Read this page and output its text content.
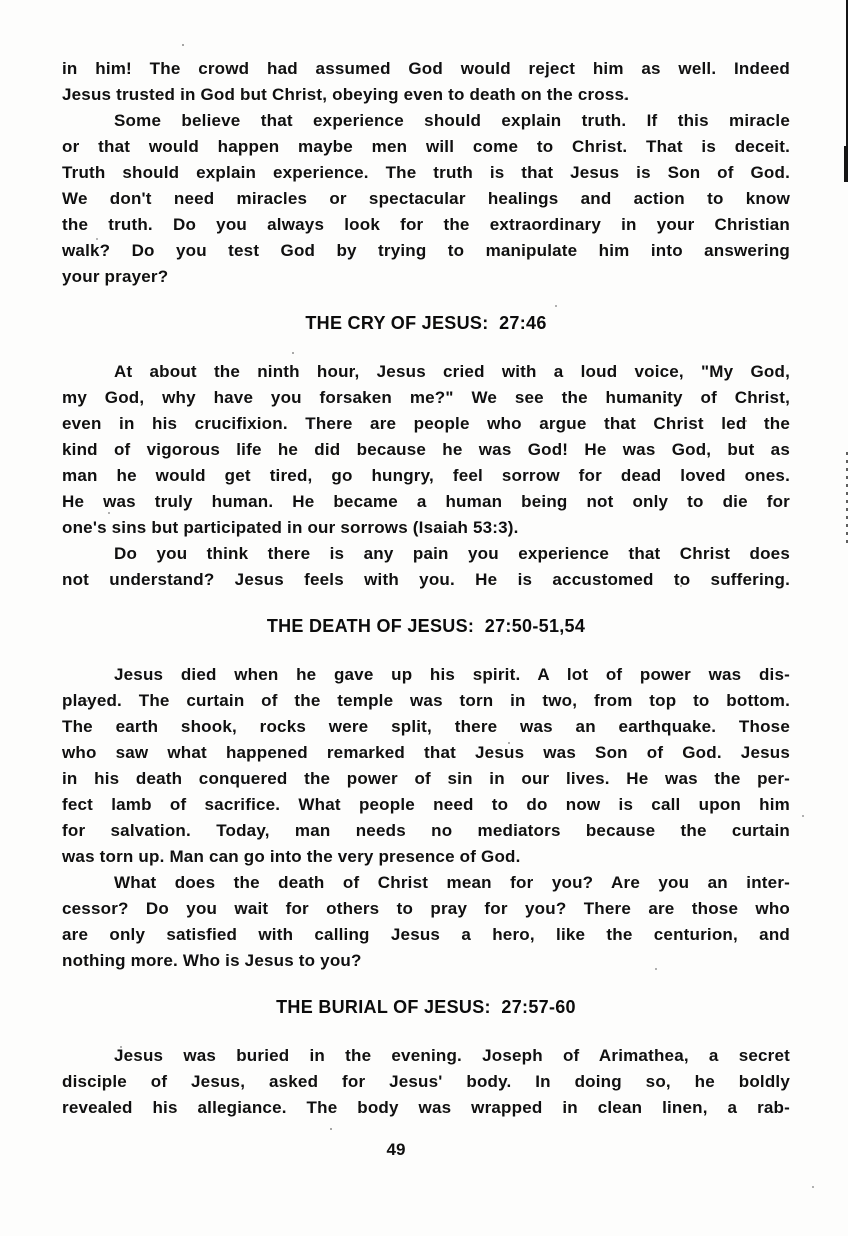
in him! The crowd had assumed God would reject him as well. Indeed
Jesus trusted in God but Christ, obeying even to death on the cross.
Some believe that experience should explain truth. If this miracle
or that would happen maybe men will come to Christ. That is deceit.
Truth should explain experience. The truth is that Jesus is Son of God.
We don't need miracles or spectacular healings and action to know
the truth. Do you always look for the extraordinary in your Christian
walk? Do you test God by trying to manipulate him into answering
your prayer?
THE CRY OF JESUS:  27:46
At about the ninth hour, Jesus cried with a loud voice, "My God,
my God, why have you forsaken me?" We see the humanity of Christ,
even in his crucifixion. There are people who argue that Christ led the
kind of vigorous life he did because he was God! He was God, but as
man he would get tired, go hungry, feel sorrow for dead loved ones.
He was truly human. He became a human being not only to die for
one's sins but participated in our sorrows (Isaiah 53:3).
Do you think there is any pain you experience that Christ does
not understand? Jesus feels with you. He is accustomed to suffering.
THE DEATH OF JESUS:  27:50-51,54
Jesus died when he gave up his spirit. A lot of power was dis-
played. The curtain of the temple was torn in two, from top to bottom.
The earth shook, rocks were split, there was an earthquake. Those
who saw what happened remarked that Jesus was Son of God. Jesus
in his death conquered the power of sin in our lives. He was the per-
fect lamb of sacrifice. What people need to do now is call upon him
for salvation. Today, man needs no mediators because the curtain
was torn up. Man can go into the very presence of God.
What does the death of Christ mean for you? Are you an inter-
cessor? Do you wait for others to pray for you? There are those who
are only satisfied with calling Jesus a hero, like the centurion, and
nothing more. Who is Jesus to you?
THE BURIAL OF JESUS:  27:57-60
Jesus was buried in the evening. Joseph of Arimathea, a secret
disciple of Jesus, asked for Jesus' body. In doing so, he boldly
revealed his allegiance. The body was wrapped in clean linen, a rab-
49
